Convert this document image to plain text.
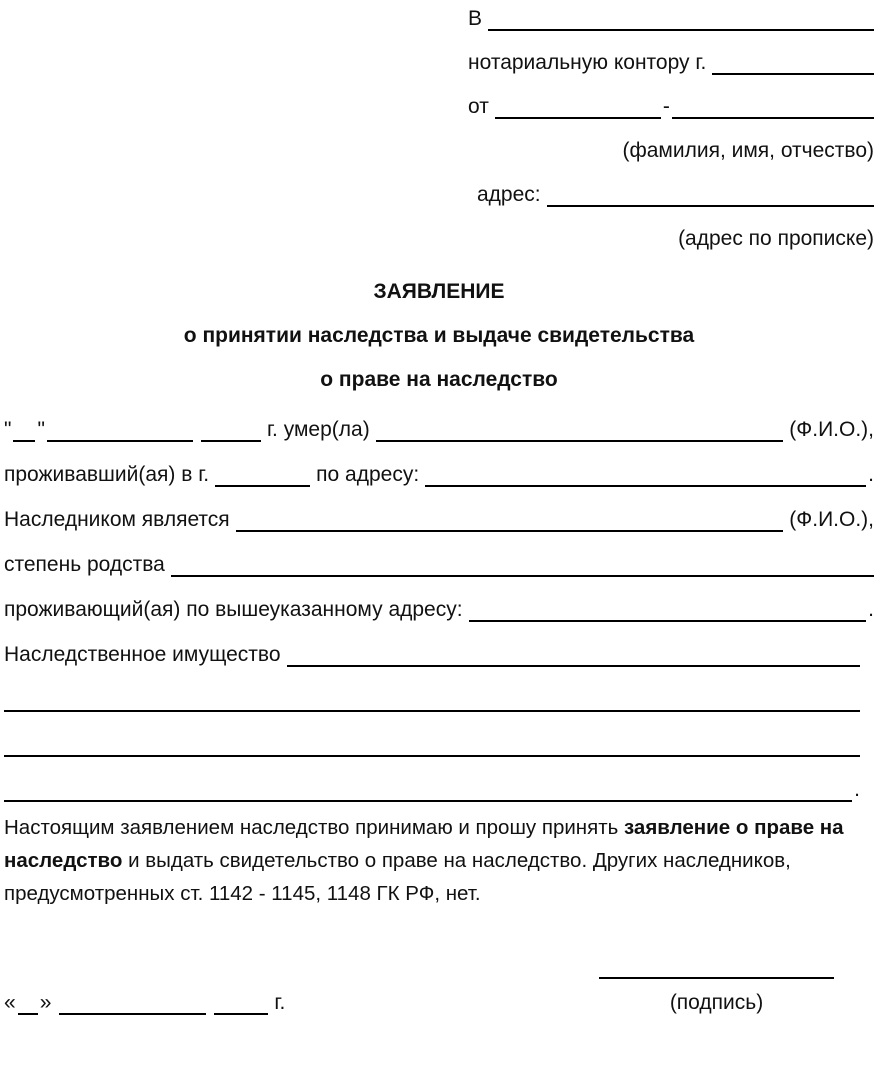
В
нотариальную контору г.
от	-
(фамилия, имя, отчество)
адрес:
(адрес по прописке)
ЗАЯВЛЕНИЕ
о принятии наследства и выдаче свидетельства
о праве на наследство
" "	г. умер(ла)	(Ф.И.О.),
проживавший(ая) в г.	по адресу:	.
Наследником является	(Ф.И.О.),
степень родства
проживающий(ая) по вышеуказанному адресу:	.
Наследственное имущество
.
Настоящим заявлением наследство принимаю и прошу принять заявление о праве на
наследство и выдать свидетельство о праве на наследство. Других наследников,
предусмотренных ст. 1142 - 1145, 1148 ГК РФ, нет.
« »	г.	(подпись)
